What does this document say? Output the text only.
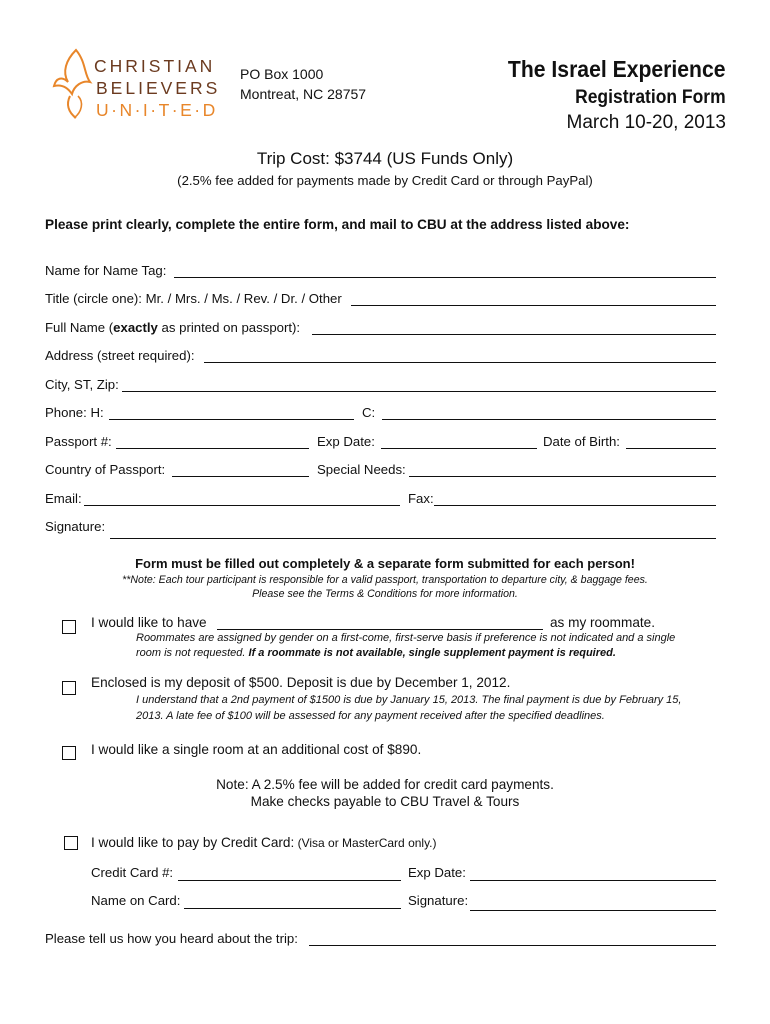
CHRISTIAN
BELIEVERS
U·N·I·T·E·D
PO Box 1000
Montreat, NC 28757
The Israel Experience
Registration Form
March 10-20, 2013
Trip Cost: $3744 (US Funds Only)
(2.5% fee added for payments made by Credit Card or through PayPal)
Please print clearly, complete the entire form, and mail to CBU at the address listed above:
Name for Name Tag:
Title (circle one): Mr. / Mrs. / Ms. / Rev. / Dr. / Other
Full Name (exactly as printed on passport):
Address (street required):
City, ST, Zip:
Phone: H:	C:
Passport #:	Exp Date:	Date of Birth:
Country of Passport:	Special Needs:
Email:	Fax:
Signature:
Form must be filled out completely & a separate form submitted for each person!
**Note: Each tour participant is responsible for a valid passport, transportation to departure city, & baggage fees.
Please see the Terms & Conditions for more information.
I would like to have	as my roommate.
Roommates are assigned by gender on a first-come, first-serve basis if preference is not indicated and a single
room is not requested. If a roommate is not available, single supplement payment is required.
Enclosed is my deposit of $500. Deposit is due by December 1, 2012.
I understand that a 2nd payment of $1500 is due by January 15, 2013. The final payment is due by February 15,
2013. A late fee of $100 will be assessed for any payment received after the specified deadlines.
I would like a single room at an additional cost of $890.
Note: A 2.5% fee will be added for credit card payments.
Make checks payable to CBU Travel & Tours
I would like to pay by Credit Card: (Visa or MasterCard only.)
Credit Card #:	Exp Date:
Name on Card:	Signature:
Please tell us how you heard about the trip:
